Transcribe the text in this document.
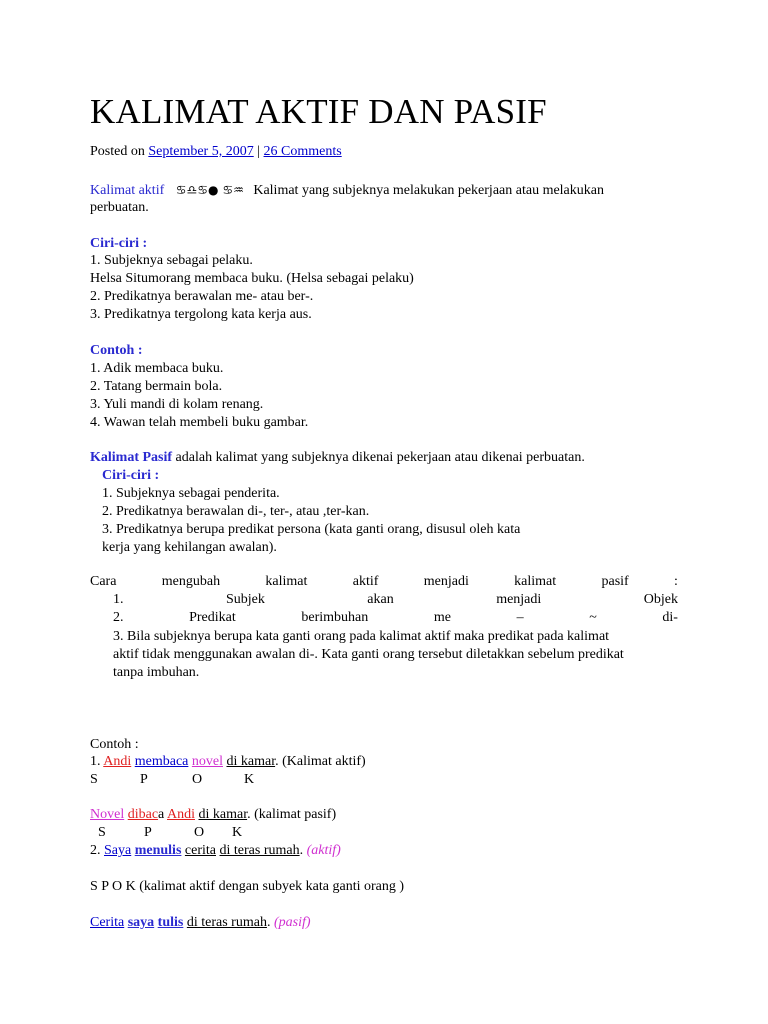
KALIMAT AKTIF DAN PASIF
Posted on September 5, 2007 | 26 Comments
Kalimat aktif ♋♎♋● ♋♒ Kalimat yang subjeknya melakukan pekerjaan atau melakukan
perbuatan.
Ciri-ciri :
1. Subjeknya sebagai pelaku.
Helsa Situmorang membaca buku. (Helsa sebagai pelaku)
2. Predikatnya berawalan me- atau ber-.
3. Predikatnya tergolong kata kerja aus.
Contoh :
1. Adik membaca buku.
2. Tatang bermain bola.
3. Yuli mandi di kolam renang.
4. Wawan telah membeli buku gambar.
Kalimat Pasif adalah kalimat yang subjeknya dikenai pekerjaan atau dikenai perbuatan.
Ciri-ciri :
1. Subjeknya sebagai penderita.
2. Predikatnya berawalan di-, ter-, atau ,ter-kan.
3. Predikatnya berupa predikat persona (kata ganti orang, disusul oleh kata
kerja yang kehilangan awalan).
Cara	mengubah	kalimat	aktif	menjadi	kalimat	pasif	:
1.	Subjek	akan	menjadi	Objek
2.	Predikat	berimbuhan	me	–	~	di-
3. Bila subjeknya berupa kata ganti orang pada kalimat aktif maka predikat pada kalimat
aktif tidak menggunakan awalan di-. Kata ganti orang tersebut diletakkan sebelum predikat
tanpa imbuhan.
Contoh :
1. Andi membaca novel di kamar. (Kalimat aktif)
S	P	O	K
Novel dibaca Andi di kamar. (kalimat pasif)
S	P	O K
2. Saya menulis cerita di teras rumah. (aktif)
S P O K (kalimat aktif dengan subyek kata ganti orang )
Cerita saya tulis di teras rumah. (pasif)
